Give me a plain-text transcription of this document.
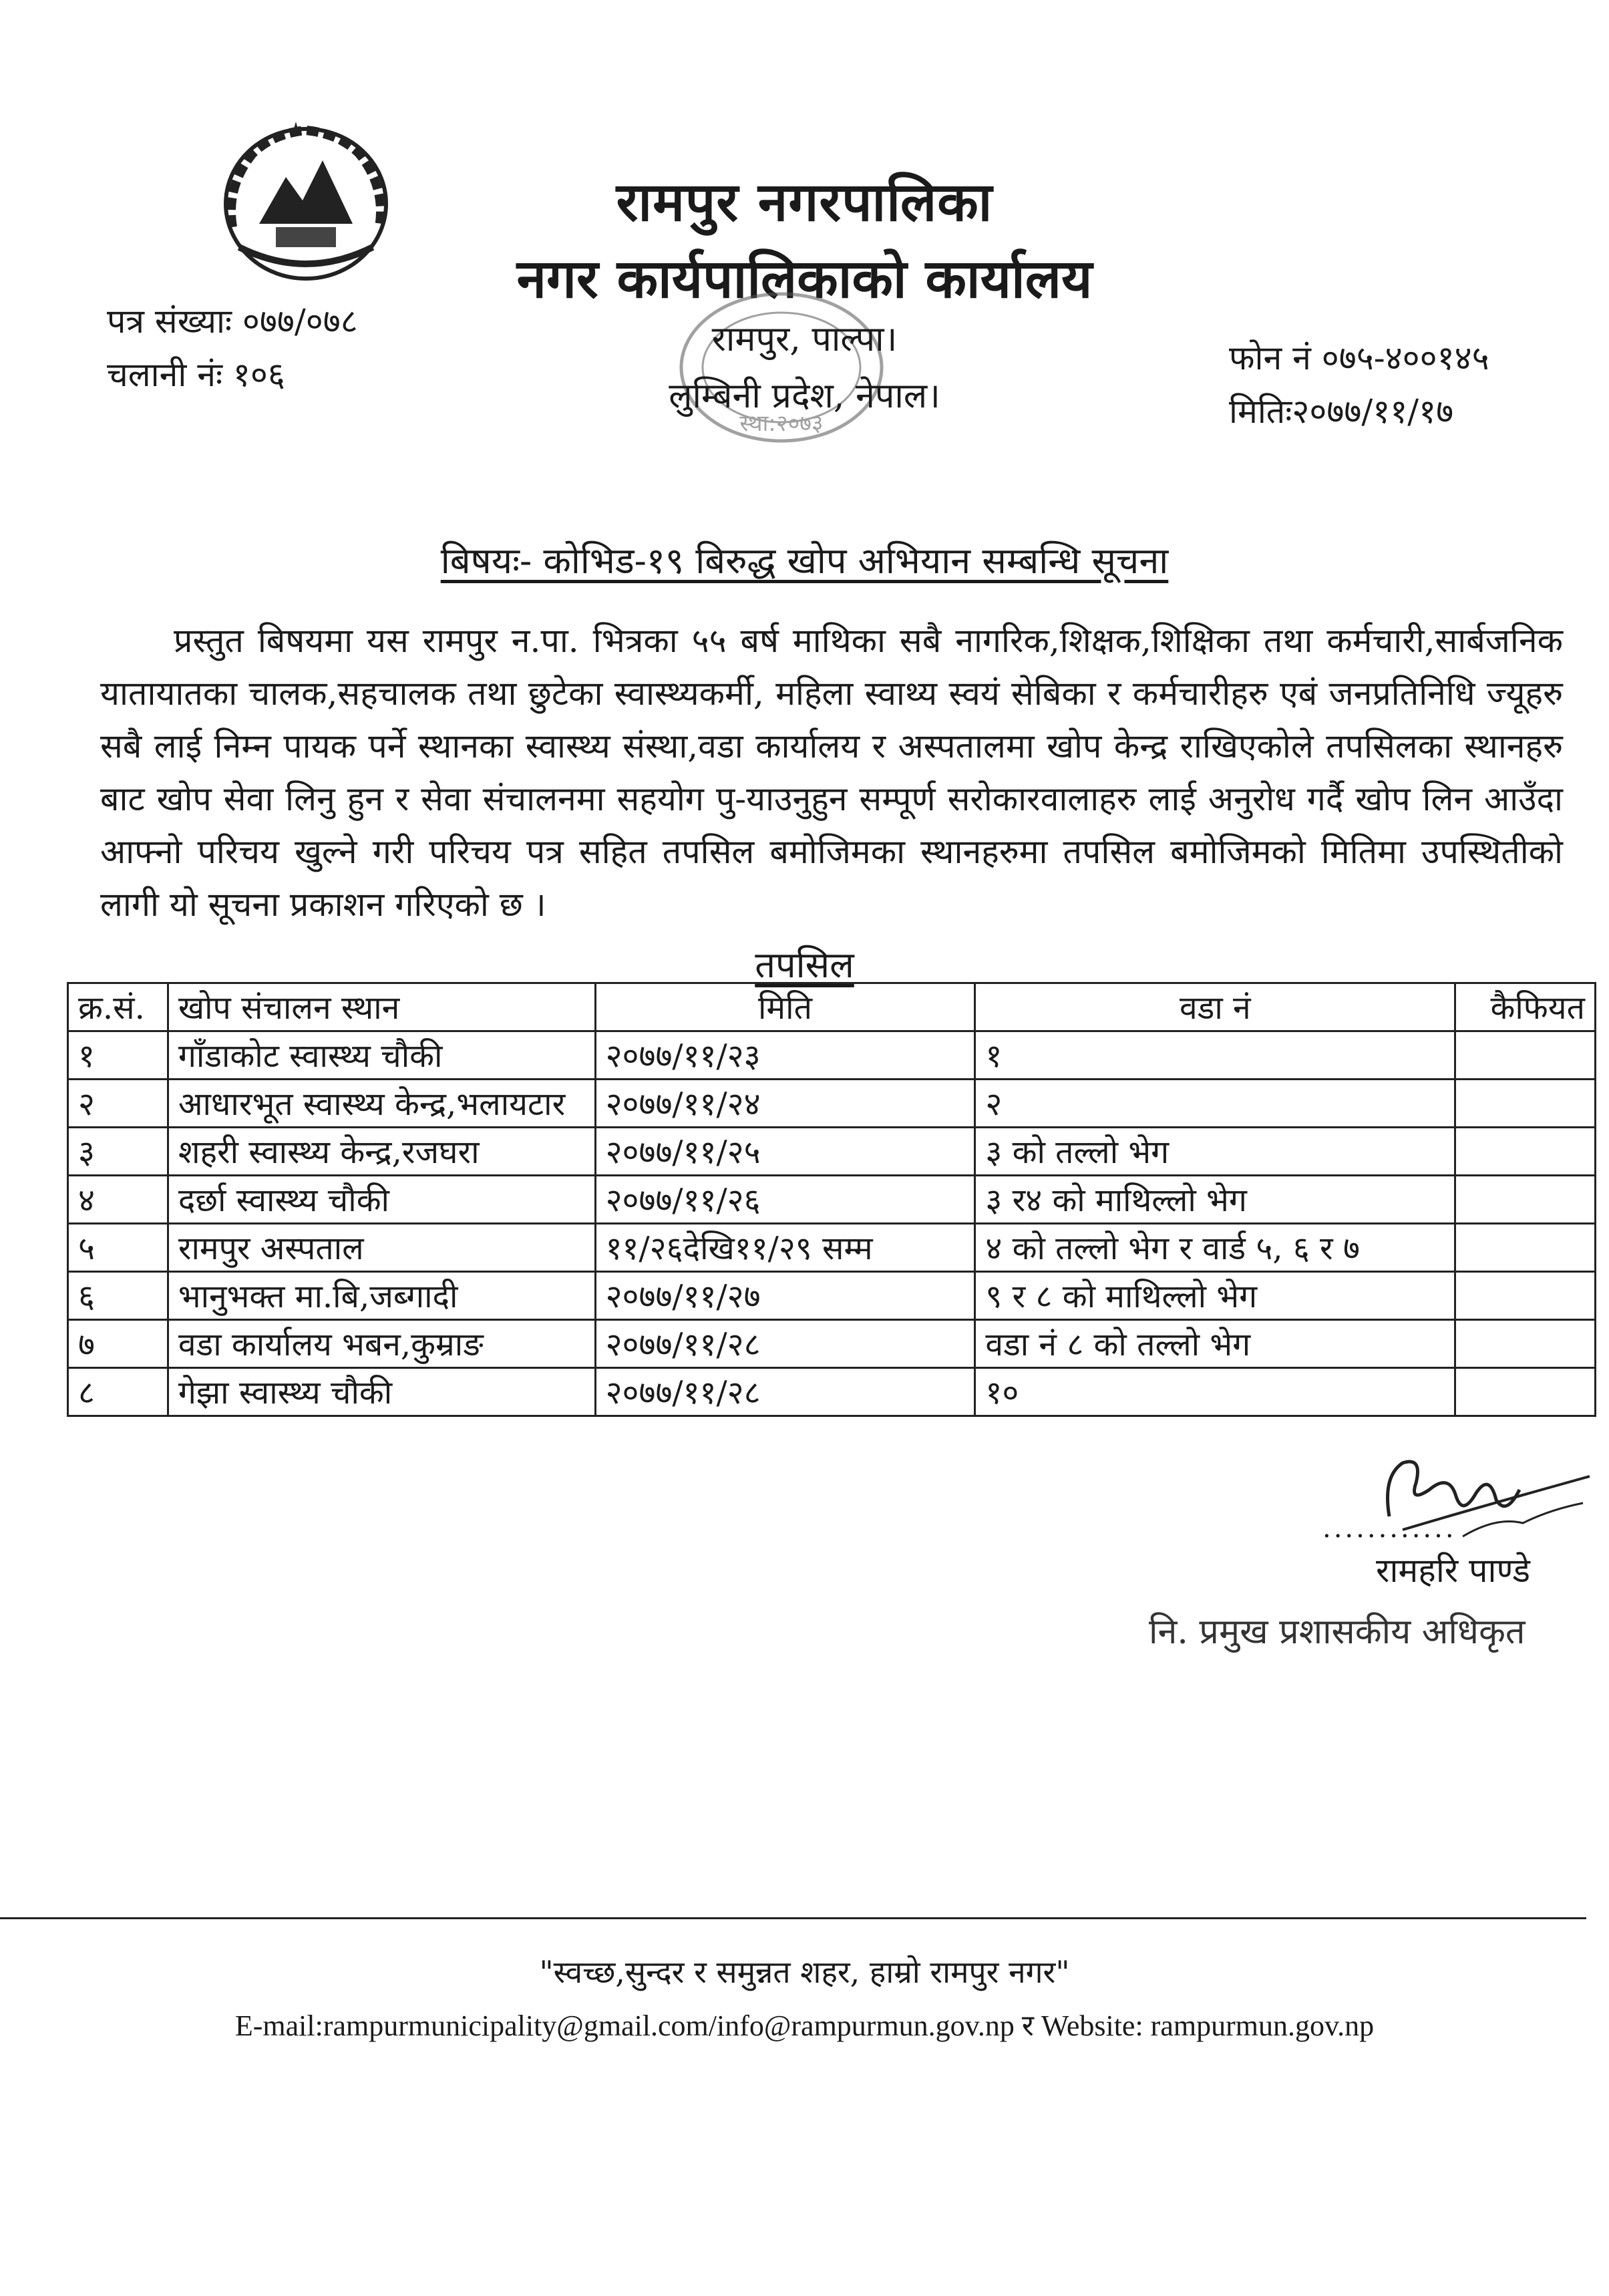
रामपुर नगरपालिका
नगर कार्यपालिकाको कार्यालय
स्था:२०७३
रामपुर, पाल्पा।
लुम्बिनी प्रदेश, नेपाल।
पत्र संख्याः ०७७/०७८
चलानी नंः १०६	फोन नं ०७५-४००१४५
मितिः२०७७/११/१७
बिषयः- कोभिड-१९ बिरुद्ध खोप अभियान सम्बन्धि सूचना
प्रस्तुत बिषयमा यस रामपुर न.पा. भित्रका ५५ बर्ष माथिका सबै नागरिक,शिक्षक,शिक्षिका तथा कर्मचारी,सार्बजनिक यातायातका चालक,सहचालक तथा छुटेका स्वास्थ्यकर्मी, महिला स्वाथ्य स्वयं सेबिका र कर्मचारीहरु एबं जनप्रतिनिधि ज्यूहरु सबै लाई निम्न पायक पर्ने स्थानका स्वास्थ्य संस्था,वडा कार्यालय र अस्पतालमा खोप केन्द्र राखिएकोले तपसिलका स्थानहरु बाट खोप सेवा लिनु हुन र सेवा संचालनमा सहयोग पु-याउनुहुन सम्पूर्ण सरोकारवालाहरु लाई अनुरोध गर्दै खोप लिन आउँदा आफ्नो परिचय खुल्ने गरी परिचय पत्र सहित तपसिल बमोजिमका स्थानहरुमा तपसिल बमोजिमको मितिमा उपस्थितीको लागी यो सूचना प्रकाशन गरिएको छ ।
तपसिल
क्र.सं.	खोप संचालन स्थान	मिति	वडा नं	कैफियत
१	गाँडाकोट स्वास्थ्य चौकी	२०७७/११/२३	१	
२	आधारभूत स्वास्थ्य केन्द्र,भलायटार	२०७७/११/२४	२	
३	शहरी स्वास्थ्य केन्द्र,रजघरा	२०७७/११/२५	३ को तल्लो भेग	
४	दर्छा स्वास्थ्य चौकी	२०७७/११/२६	३ र४ को माथिल्लो भेग	
५	रामपुर अस्पताल	११/२६देखि११/२९ सम्म	४ को तल्लो भेग र वार्ड ५, ६ र ७	
६	भानुभक्त मा.बि,जब्गादी	२०७७/११/२७	९ र ८ को माथिल्लो भेग	
७	वडा कार्यालय भबन,कुम्राङ	२०७७/११/२८	वडा नं ८ को तल्लो भेग	
८	गेझा स्वास्थ्य चौकी	२०७७/११/२८	१०	
............
रामहरि पाण्डे
नि. प्रमुख प्रशासकीय अधिकृत
"स्वच्छ,सुन्दर र समुन्नत शहर, हाम्रो रामपुर नगर"
E-mail:rampurmunicipality@gmail.com/info@rampurmun.gov.np र Website: rampurmun.gov.np
